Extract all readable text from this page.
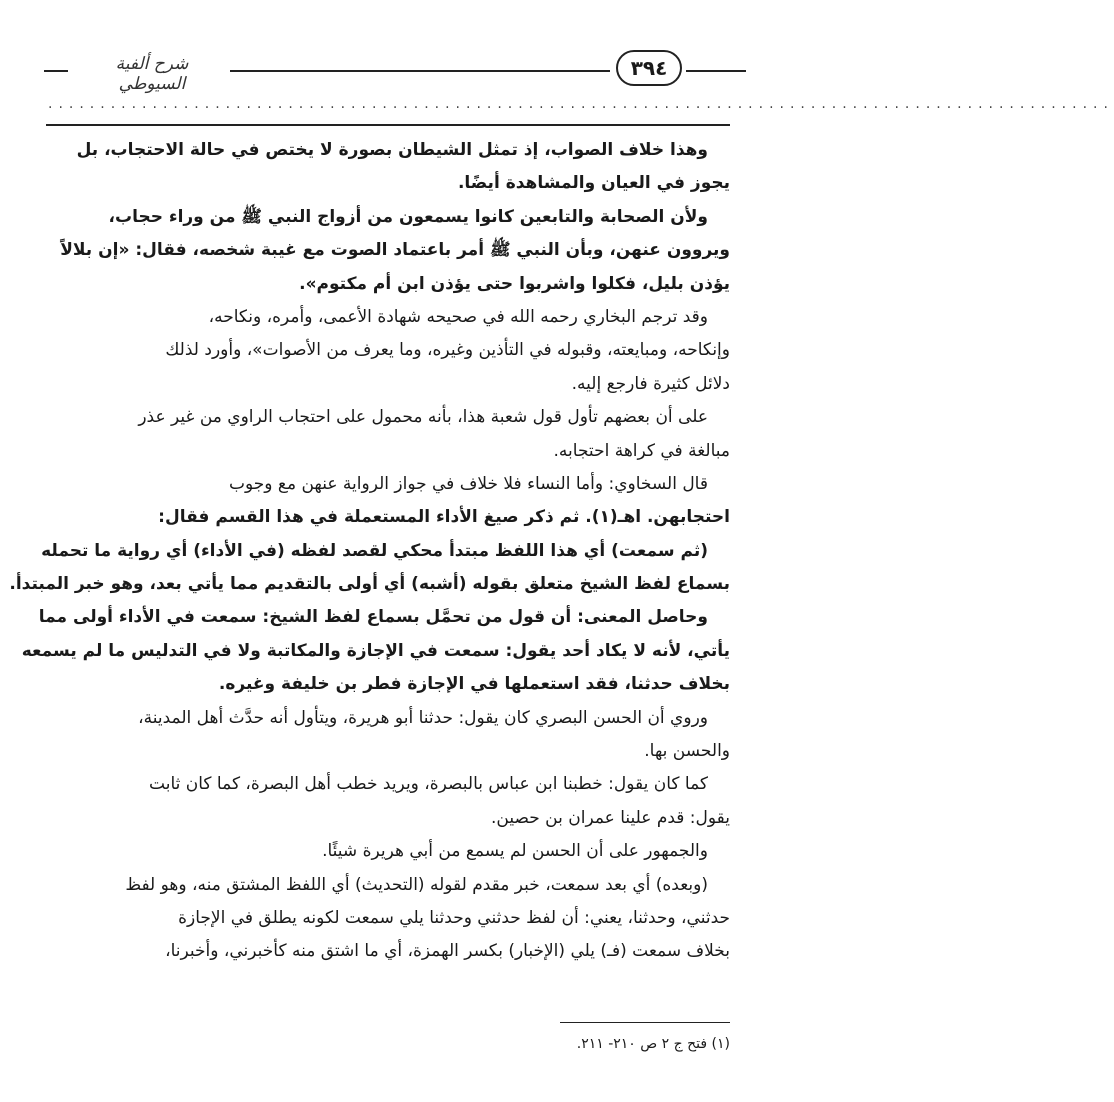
شرح ألفية السيوطي
٣٩٤
......................................................................................................
وهذا خلاف الصواب، إذ تمثل الشيطان بصورة لا يختص في حالة الاحتجاب، بل
يجوز في العيان والمشاهدة أيضًا.
ولأن الصحابة والتابعين كانوا يسمعون من أزواج النبي ﷺ من وراء حجاب،
ويروون عنهن، وبأن النبي ﷺ أمر باعتماد الصوت مع غيبة شخصه، فقال: «إن بلالاً
يؤذن بليل، فكلوا واشربوا حتى يؤذن ابن أم مكتوم».
وقد ترجم البخاري رحمه الله في صحيحه شهادة الأعمى، وأمره، ونكاحه،
وإنكاحه، ومبايعته، وقبوله في التأذين وغيره، وما يعرف من الأصوات»، وأورد لذلك
دلائل كثيرة فارجع إليه.
على أن بعضهم تأول قول شعبة هذا، بأنه محمول على احتجاب الراوي من غير عذر
مبالغة في كراهة احتجابه.
قال السخاوي: وأما النساء فلا خلاف في جواز الرواية عنهن مع وجوب
احتجابهن. اهـ(١). ثم ذكر صيغ الأداء المستعملة في هذا القسم فقال:
(ثم سمعت) أي هذا اللفظ مبتدأ محكي لقصد لفظه (في الأداء) أي رواية ما تحمله
بسماع لفظ الشيخ متعلق بقوله (أشبه) أي أولى بالتقديم مما يأتي بعد، وهو خبر المبتدأ.
وحاصل المعنى: أن قول من تحمَّل بسماع لفظ الشيخ: سمعت في الأداء أولى مما
يأتي، لأنه لا يكاد أحد يقول: سمعت في الإجازة والمكاتبة ولا في التدليس ما لم يسمعه
بخلاف حدثنا، فقد استعملها في الإجازة فطر بن خليفة وغيره.
وروي أن الحسن البصري كان يقول: حدثنا أبو هريرة، ويتأول أنه حدَّث أهل المدينة،
والحسن بها.
كما كان يقول: خطبنا ابن عباس بالبصرة، ويريد خطب أهل البصرة، كما كان ثابت
يقول: قدم علينا عمران بن حصين.
والجمهور على أن الحسن لم يسمع من أبي هريرة شيئًا.
(وبعده) أي بعد سمعت، خبر مقدم لقوله (التحديث) أي اللفظ المشتق منه، وهو لفظ
حدثني، وحدثنا، يعني: أن لفظ حدثني وحدثنا يلي سمعت لكونه يطلق في الإجازة
بخلاف سمعت (فـ) يلي (الإخبار) بكسر الهمزة، أي ما اشتق منه كأخبرني، وأخبرنا،
(١) فتح ج ٢ ص ٢١٠- ٢١١.
